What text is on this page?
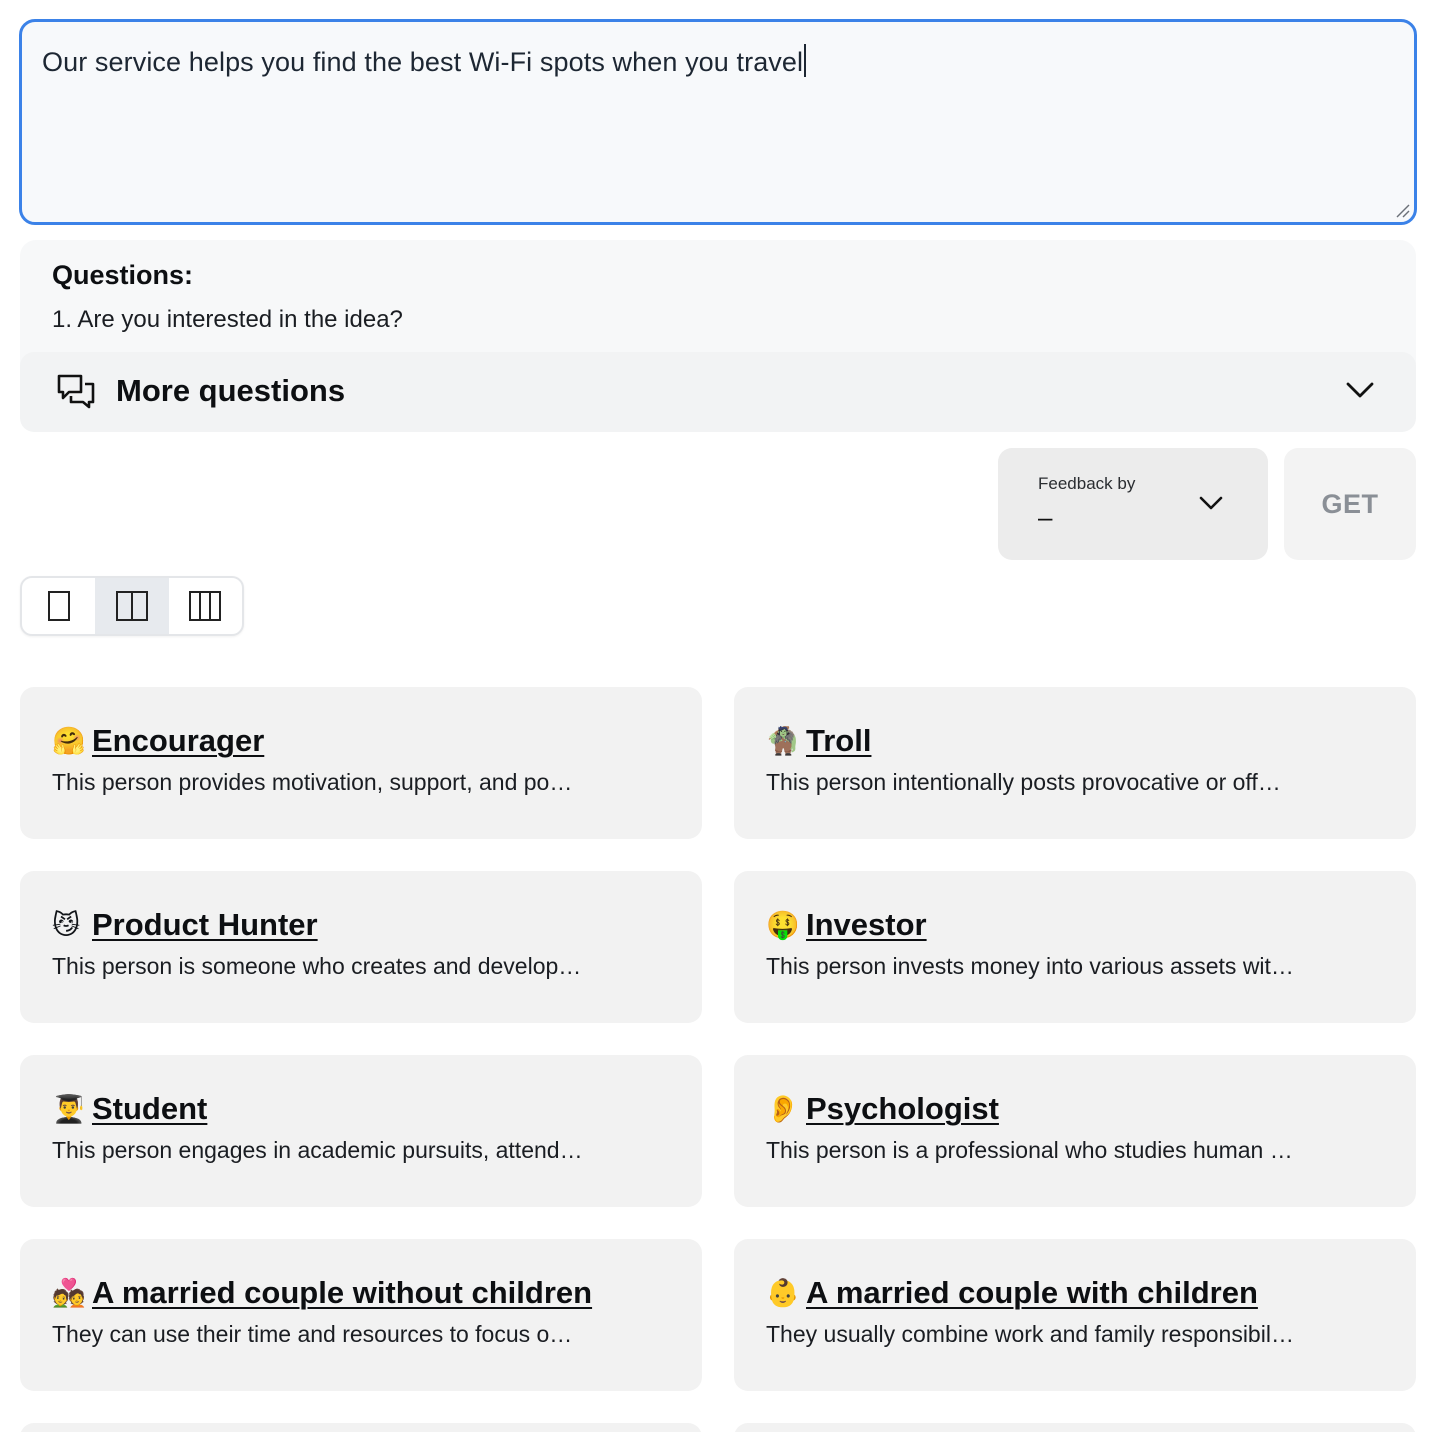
Our service helps you find the best Wi-Fi spots when you travel
Questions:
1. Are you interested in the idea?
More questions
Feedback by
–	GET
🤗 Encourager
This person provides motivation, support, and po…
🧌 Troll
This person intentionally posts provocative or off…
😼 Product Hunter
This person is someone who creates and develop…
🤑 Investor
This person invests money into various assets wit…
👨‍🎓 Student
This person engages in academic pursuits, attend…
👂 Psychologist
This person is a professional who studies human …
💑 A married couple without children
They can use their time and resources to focus o…
👶 A married couple with children
They usually combine work and family responsibil…
